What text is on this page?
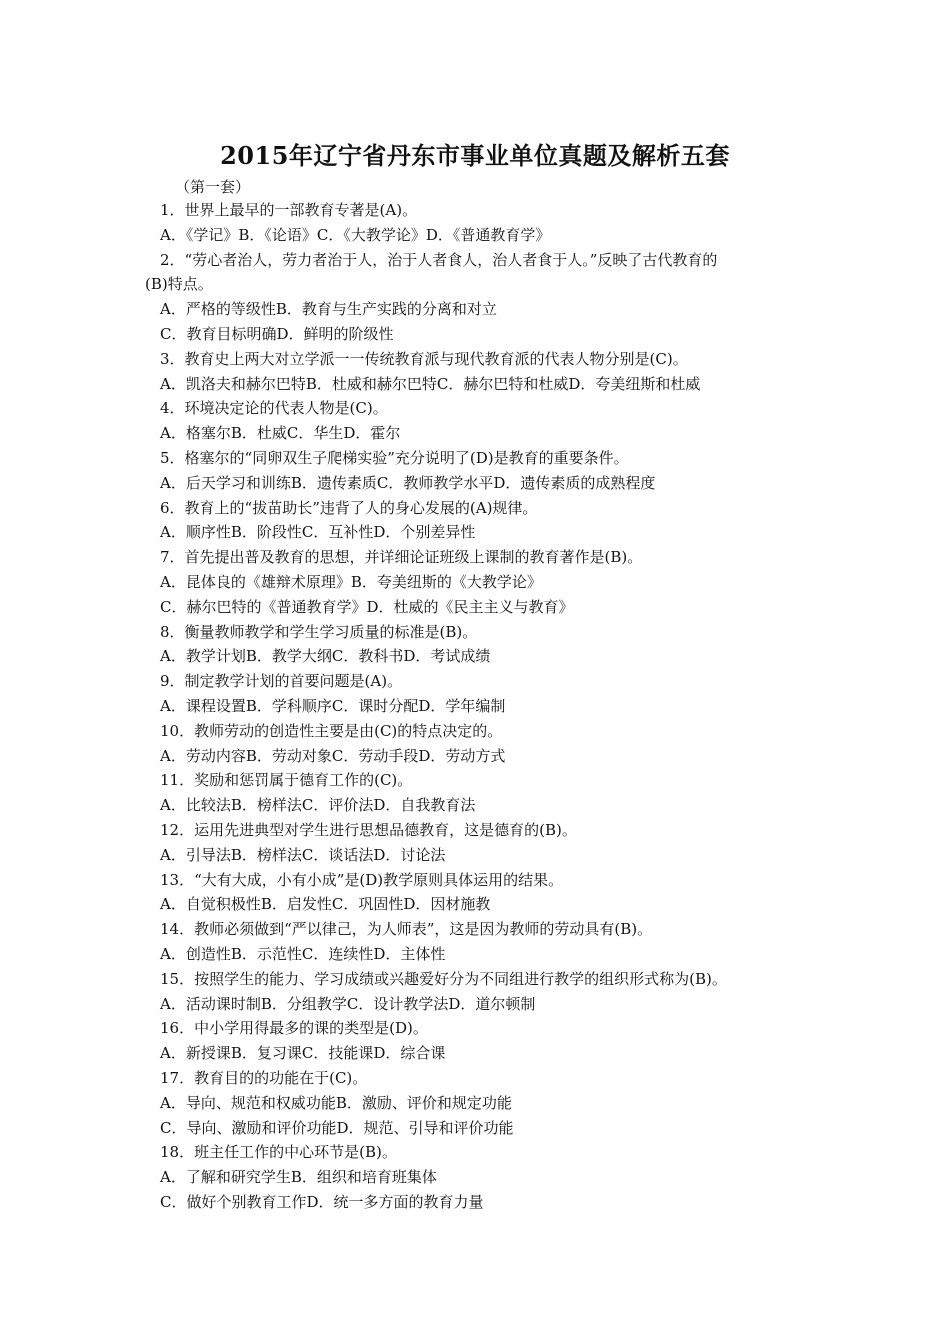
2015年辽宁省丹东市事业单位真题及解析五套
（第一套）
1．世界上最早的一部教育专著是(A)。
A．《学记》B．《论语》C．《大教学论》D．《普通教育学》
2．“劳心者治人，劳力者治于人，治于人者食人，治人者食于人。”反映了古代教育的
(B)特点。
A．严格的等级性B．教育与生产实践的分离和对立
C．教育目标明确D．鲜明的阶级性
3．教育史上两大对立学派一一传统教育派与现代教育派的代表人物分别是(C)。
A．凯洛夫和赫尔巴特B．杜威和赫尔巴特C．赫尔巴特和杜威D．夸美纽斯和杜威
4．环境决定论的代表人物是(C)。
A．格塞尔B．杜威C．华生D．霍尔
5．格塞尔的“同卵双生子爬梯实验”充分说明了(D)是教育的重要条件。
A．后天学习和训练B．遗传素质C．教师教学水平D．遗传素质的成熟程度
6．教育上的“拔苗助长”违背了人的身心发展的(A)规律。
A．顺序性B．阶段性C．互补性D．个别差异性
7．首先提出普及教育的思想，并详细论证班级上课制的教育著作是(B)。
A．昆体良的《雄辩术原理》B．夸美纽斯的《大教学论》
C．赫尔巴特的《普通教育学》D．杜威的《民主主义与教育》
8．衡量教师教学和学生学习质量的标准是(B)。
A．教学计划B．教学大纲C．教科书D．考试成绩
9．制定教学计划的首要问题是(A)。
A．课程设置B．学科顺序C．课时分配D．学年编制
10．教师劳动的创造性主要是由(C)的特点决定的。
A．劳动内容B．劳动对象C．劳动手段D．劳动方式
11．奖励和惩罚属于德育工作的(C)。
A．比较法B．榜样法C．评价法D．自我教育法
12．运用先进典型对学生进行思想品德教育，这是德育的(B)。
A．引导法B．榜样法C．谈话法D．讨论法
13．“大有大成，小有小成”是(D)教学原则具体运用的结果。
A．自觉积极性B．启发性C．巩固性D．因材施教
14．教师必须做到“严以律己，为人师表”，这是因为教师的劳动具有(B)。
A．创造性B．示范性C．连续性D．主体性
15．按照学生的能力、学习成绩或兴趣爱好分为不同组进行教学的组织形式称为(B)。
A．活动课时制B．分组教学C．设计教学法D．道尔顿制
16．中小学用得最多的课的类型是(D)。
A．新授课B．复习课C．技能课D．综合课
17．教育目的的功能在于(C)。
A．导向、规范和权威功能B．激励、评价和规定功能
C．导向、激励和评价功能D．规范、引导和评价功能
18．班主任工作的中心环节是(B)。
A．了解和研究学生B．组织和培育班集体
C．做好个别教育工作D．统一多方面的教育力量
